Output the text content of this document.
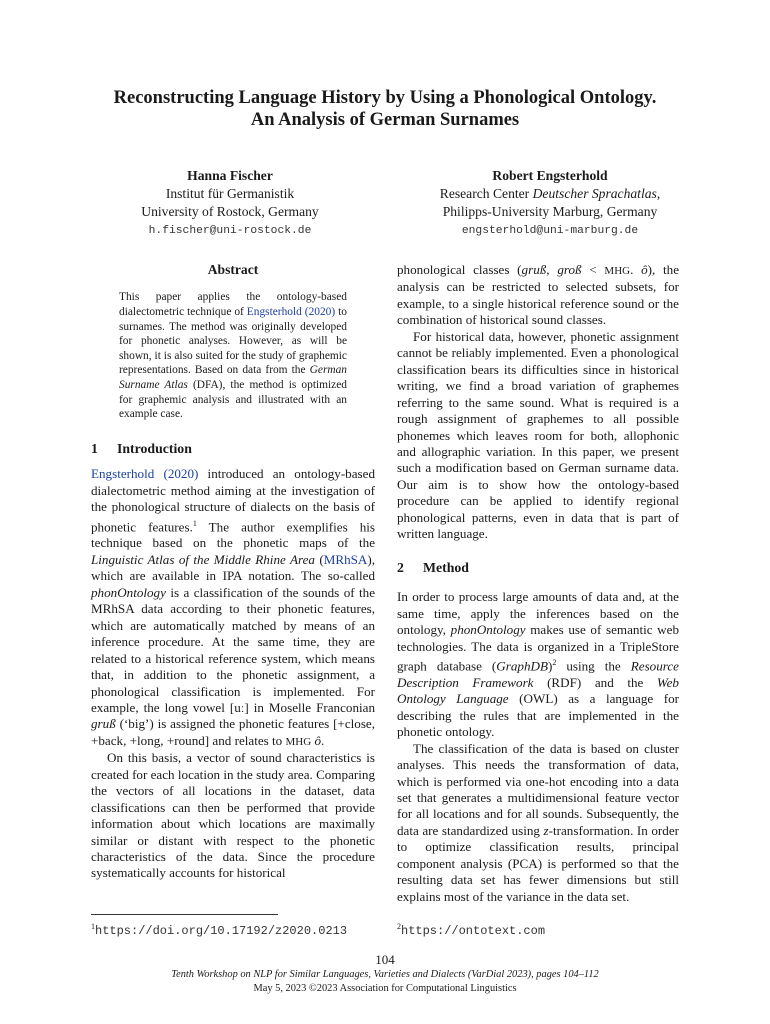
Reconstructing Language History by Using a Phonological Ontology.
An Analysis of German Surnames
Hanna Fischer
Institut für Germanistik
University of Rostock, Germany
h.fischer@uni-rostock.de
Robert Engsterhold
Research Center Deutscher Sprachatlas,
Philipps-University Marburg, Germany
engsterhold@uni-marburg.de
Abstract

This paper applies the ontology-based dialectometric technique of Engsterhold (2020) to surnames. The method was originally developed for phonetic analyses. However, as will be shown, it is also suited for the study of graphemic representations. Based on data from the German Surname Atlas (DFA), the method is optimized for graphemic analysis and illustrated with an example case.

1 Introduction

Engsterhold (2020) introduced an ontology-based dialectometric method aiming at the investigation of the phonological structure of dialects on the basis of phonetic features.$^1$ The author exemplifies his technique based on the phonetic maps of the Linguistic Atlas of the Middle Rhine Area (MRhSA), which are available in IPA notation. The so-called phonOntology is a classification of the sounds of the MRhSA data according to their phonetic features, which are automatically matched by means of an inference procedure. At the same time, they are related to a historical reference system, which means that, in addition to the phonetic assignment, a phonological classification is implemented. For example, the long vowel [uː] in Moselle Franconian gruß (‘big’) is assigned the phonetic features [+close, +back, +long, +round] and relates to MHG ô.

On this basis, a vector of sound characteristics is created for each location in the study area. Comparing the vectors of all locations in the dataset, data classifications can then be performed that provide information about which locations are maximally similar or distant with respect to the phonetic characteristics of the data. Since the procedure systematically accounts for historical

phonological classes (gruß, groß < MHG. ô), the analysis can be restricted to selected subsets, for example, to a single historical reference sound or the combination of historical sound classes.

For historical data, however, phonetic assignment cannot be reliably implemented. Even a phonological classification bears its difficulties since in historical writing, we find a broad variation of graphemes referring to the same sound. What is required is a rough assignment of graphemes to all possible phonemes which leaves room for both, allophonic and allographic variation. In this paper, we present such a modification based on German surname data. Our aim is to show how the ontology-based procedure can be applied to identify regional phonological patterns, even in data that is part of written language.

2 Method

In order to process large amounts of data and, at the same time, apply the inferences based on the ontology, phonOntology makes use of semantic web technologies. The data is organized in a TripleStore graph database (GraphDB)$^2$ using the Resource Description Framework (RDF) and the Web Ontology Language (OWL) as a language for describing the rules that are implemented in the phonetic ontology.

The classification of the data is based on cluster analyses. This needs the transformation of data, which is performed via one-hot encoding into a data set that generates a multidimensional feature vector for all locations and for all sounds. Subsequently, the data are standardized using z-transformation. In order to optimize classification results, principal component analysis (PCA) is performed so that the resulting data set has fewer dimensions but still explains most of the variance in the data set.

$^1$https://doi.org/10.17192/z2020.0213	$^2$https://ontotext.com
104
Tenth Workshop on NLP for Similar Languages, Varieties and Dialects (VarDial 2023), pages 104–112
May 5, 2023 ©2023 Association for Computational Linguistics
